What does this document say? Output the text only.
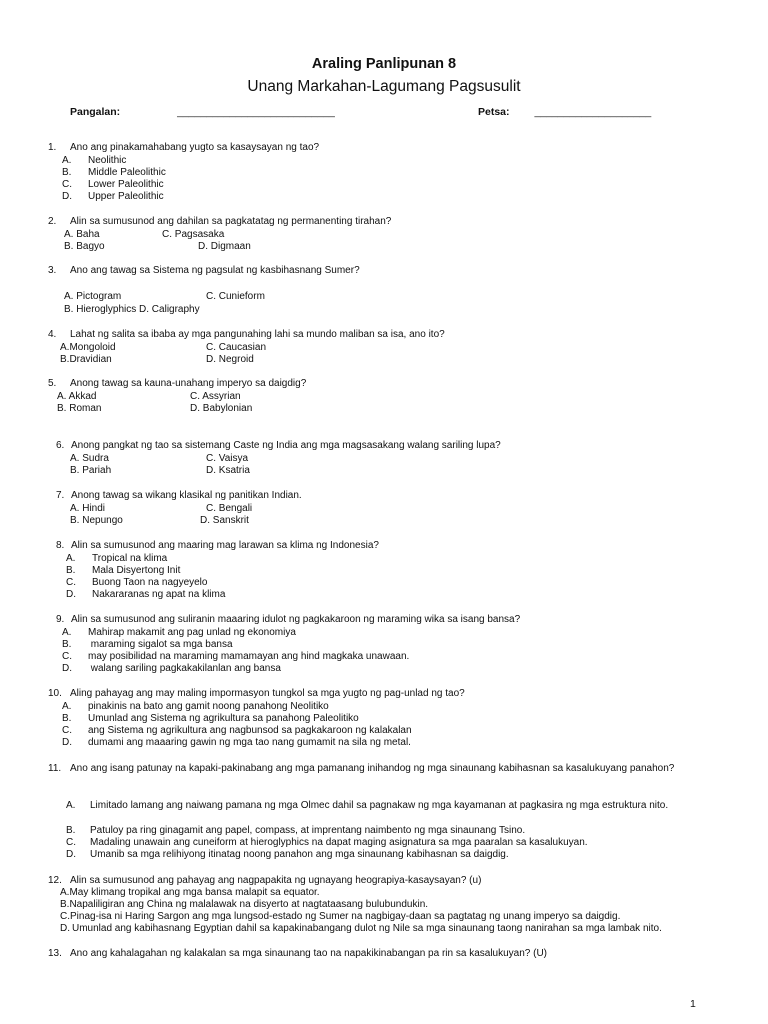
Araling Panlipunan 8
Unang Markahan-Lagumang Pagsusulit
Pangalan:	___________________________	Petsa: ____________________
1. Ano ang pinakamahabang yugto sa kasaysayan ng tao?
A. Neolithic
B. Middle Paleolithic
C. Lower Paleolithic
D. Upper Paleolithic
2. Alin sa sumusunod ang dahilan sa pagkatatag ng permanenting tirahan?
A. Baha	C. Pagsasaka
B. Bagyo	D. Digmaan
3. Ano ang tawag sa Sistema ng pagsulat ng kasbihasnang Sumer?
A. Pictogram	C. Cunieform
B. Hieroglyphics D. Caligraphy
4. Lahat ng salita sa ibaba ay mga pangunahing lahi sa mundo maliban sa isa, ano ito?
A.Mongoloid	C. Caucasian
B.Dravidian	D. Negroid
5. Anong tawag sa kauna-unahang imperyo sa daigdig?
A. Akkad	C. Assyrian
B. Roman	D. Babylonian
6. Anong pangkat ng tao sa sistemang Caste ng India ang mga magsasakang walang sariling lupa?
A. Sudra	C. Vaisya
B. Pariah	D. Ksatria
7. Anong tawag sa wikang klasikal ng panitikan Indian.
A. Hindi	C. Bengali
B. Nepungo	D. Sanskrit
8. Alin sa sumusunod ang maaring mag larawan sa klima ng Indonesia?
A. Tropical na klima
B. Mala Disyertong Init
C. Buong Taon na nagyeyelo
D. Nakararanas ng apat na klima
9. Alin sa sumusunod ang suliranin maaaring idulot ng pagkakaroon ng maraming wika sa isang bansa?
A. Mahirap makamit ang pag unlad ng ekonomiya
B. maraming sigalot sa mga bansa
C. may posibilidad na maraming mamamayan ang hind magkaka unawaan.
D. walang sariling pagkakakilanlan ang bansa
10. Aling pahayag ang may maling impormasyon tungkol sa mga yugto ng pag-unlad ng tao?
A. pinakinis na bato ang gamit noong panahong Neolitiko
B. Umunlad ang Sistema ng agrikultura sa panahong Paleolitiko
C. ang Sistema ng agrikultura ang nagbunsod sa pagkakaroon ng kalakalan
D. dumami ang maaaring gawin ng mga tao nang gumamit na sila ng metal.
11. Ano ang isang patunay na kapaki-pakinabang ang mga pamanang inihandog ng mga sinaunang kabihasnan sa kasalukuyang panahon?
A. Limitado lamang ang naiwang pamana ng mga Olmec dahil sa pagnakaw ng mga kayamanan at pagkasira ng mga estruktura nito.
B. Patuloy pa ring ginagamit ang papel, compass, at imprentang naimbento ng mga sinaunang Tsino.
C. Madaling unawain ang cuneiform at hieroglyphics na dapat maging asignatura sa mga paaralan sa kasalukuyan.
D. Umanib sa mga relihiyong itinatag noong panahon ang mga sinaunang kabihasnan sa daigdig.
12. Alin sa sumusunod ang pahayag ang nagpapakita ng ugnayang heograpiya-kasaysayan? (u)
A.May klimang tropikal ang mga bansa malapit sa equator.
B.Napaliligiran ang China ng malalawak na disyerto at nagtataasang bulubundukin.
C.Pinag-isa ni Haring Sargon ang mga lungsod-estado ng Sumer na nagbigay-daan sa pagtatag ng unang imperyo sa daigdig.
D. Umunlad ang kabihasnang Egyptian dahil sa kapakinabangang dulot ng Nile sa mga sinaunang taong nanirahan sa mga lambak nito.
13. Ano ang kahalagahan ng kalakalan sa mga sinaunang tao na napakikinabangan pa rin sa kasalukuyan? (U)
1
